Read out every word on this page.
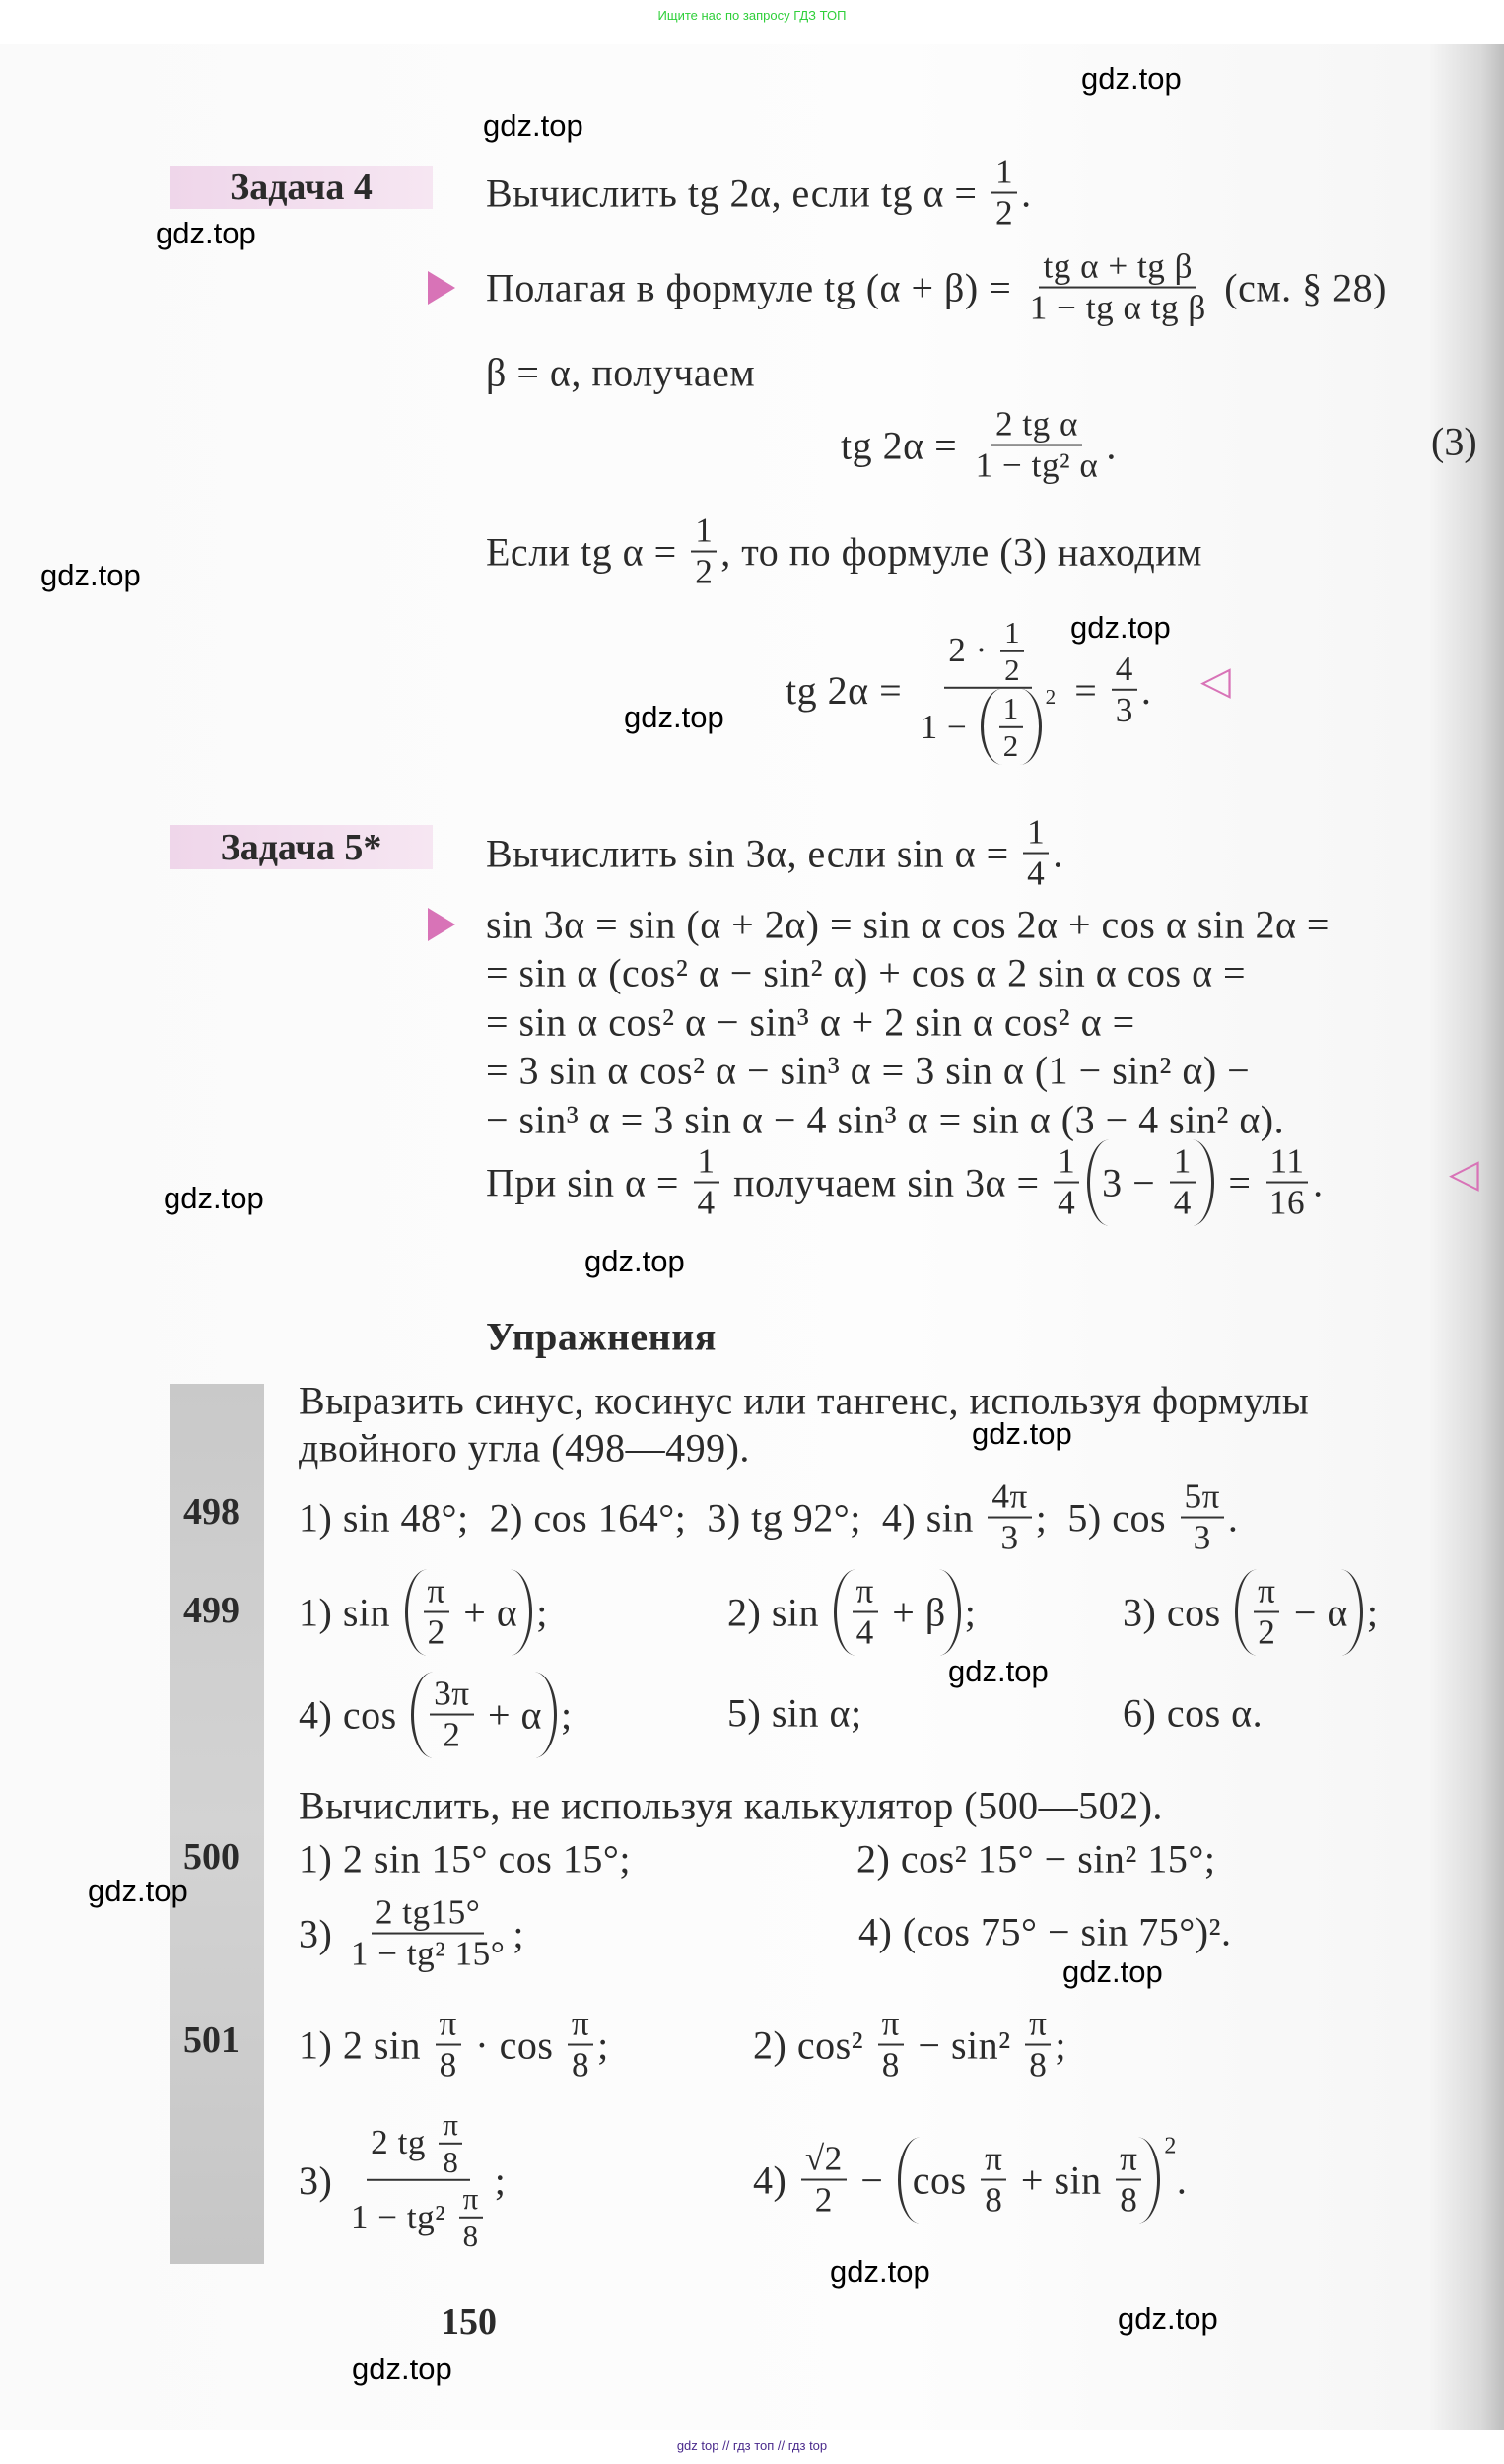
Ищите нас по запросу ГДЗ ТОП
gdz.top
gdz.top
gdz.top
gdz.top
gdz.top
gdz.top
gdz.top
gdz.top
gdz.top
gdz.top
gdz.top
gdz.top
gdz.top
gdz.top
gdz.top
Задача 4	Вычислить tg 2α, если tg $\alpha = \frac{1}{2}$ .
Полагая в формуле tg $(\alpha + \beta) = \frac{\text{tg α + tg β}}{\text{1 − tg α tg β}} (см$. § 28)
β = α, получаем
tg $2\alpha = \frac{\text{2 tg α}}{\text{1 − tg² α}}$ .	(3)
Если tg $\alpha = \frac{1}{2}$ , то по формуле (3) находим
tg $2\alpha = \frac{2 \cdot \frac{1}{2}}{1 - \frac{1}{2} 2} = \frac{4}{3}$ . ◁
Задача 5*	Вычислить sin 3α, если $\sin \alpha = \frac{1}{4}$ .
sin 3α = sin (α + 2α) = sin α cos 2α + cos α sin 2α =
= sin α (cos² α − sin² α) + cos α 2 sin α cos α =
= sin α cos² α − sin³ α + 2 sin α cos² α =
= 3 sin α cos² α − sin³ α = 3 sin α (1 − sin² α) −
− sin³ α = 3 sin α − 4 sin³ α = sin α (3 − 4 sin² α).
При $\sin \alpha = \frac{1}{4}$ получаем $\sin 3\alpha = \frac{1}{4} 3 - \frac{1}{4} = \frac{11}{16}$ .	◁
Упражнения
Выразить синус, косинус или тангенс, используя формулы
двойного угла (498—499).
498 1) sin 48°;  2) cos 164°;  3) tg 92°;  4) $\sin \frac{4\pi}{3}$ ;  5) $\cos \frac{5\pi}{3}$ .
499 1) $\sin \frac{\pi}{2} + \alpha$ ;	2) $\sin \frac{\pi}{4} + \beta$ ;	3) $\cos \frac{\pi}{2} - \alpha$ ;
4) $\cos \frac{3\pi}{2} + \alpha$ ;	5) sin α;	6) cos α.
Вычислить, не используя калькулятор (500—502).
500 1) 2 sin 15° cos 15°;	2) cos² 15° − sin² 15°;
$3) \frac{2 tg15^\circ}{\text{1 − tg² 15°}}$ ;	4) (cos 75° − sin 75°)².
501 1) 2 $\sin \frac{\pi}{8} \cdot \cos \frac{\pi}{8}$ ;	2) $\cos^2 \frac{\pi}{8} - \sin^2 \frac{\pi}{8}$ ;
$3) \frac{2 tg \frac{\pi}{8}}{1 - tg^2 \frac{\pi}{8}}$ ;	$4) \frac{√2}{2} - \cos \frac{\pi}{8} + \sin \frac{\pi}{8} 2$
.
150
gdz top // гдз топ // гдз top
